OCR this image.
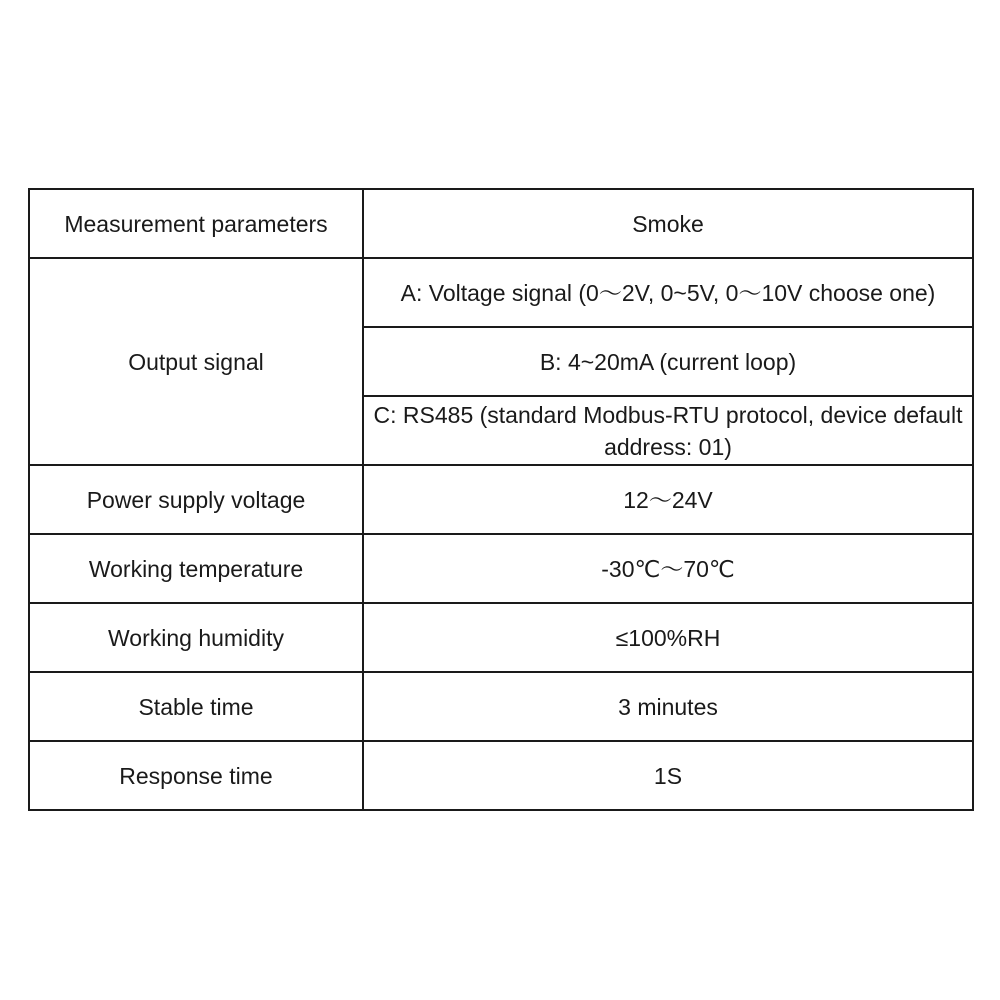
Measurement parameters	Smoke
Output signal	A: Voltage signal (0～2V, 0~5V, 0～10V choose one)
	B: 4~20mA (current loop)
	C: RS485 (standard Modbus-RTU protocol, device default address: 01)
Power supply voltage	12～24V
Working temperature	-30℃～70℃
Working humidity	≤100%RH
Stable time	3 minutes
Response time	1S
